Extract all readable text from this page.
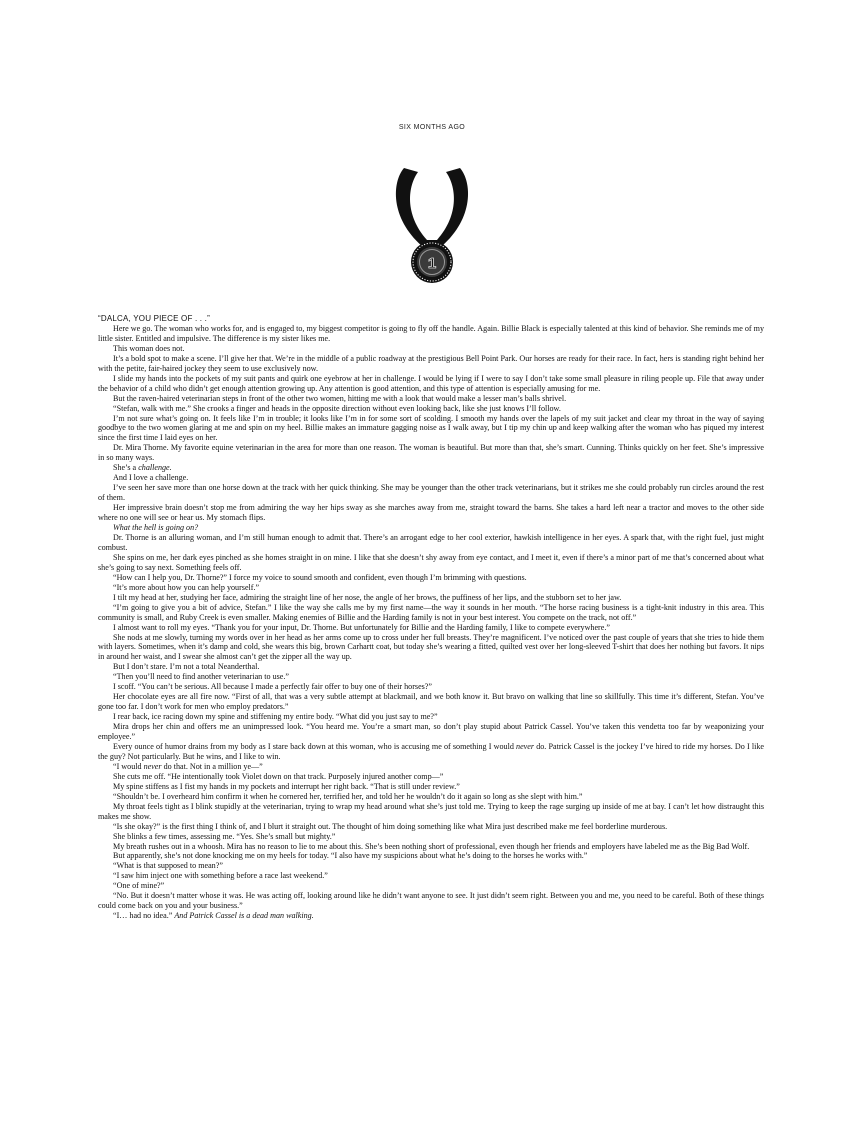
SIX MONTHS AGO
1

“DALCA, YOU PIECE OF . . .”

Here we go. The woman who works for, and is engaged to, my biggest competitor is going to fly off the handle. Again. Billie Black is especially talented at this kind of behavior. She reminds me of my little sister. Entitled and impulsive. The difference is my sister likes me.

This woman does not.

It’s a bold spot to make a scene. I’ll give her that. We’re in the middle of a public roadway at the prestigious Bell Point Park. Our horses are ready for their race. In fact, hers is standing right behind her with the petite, fair-haired jockey they seem to use exclusively now.

I slide my hands into the pockets of my suit pants and quirk one eyebrow at her in challenge. I would be lying if I were to say I don’t take some small pleasure in riling people up. File that away under the behavior of a child who didn’t get enough attention growing up. Any attention is good attention, and this type of attention is especially amusing for me.

But the raven-haired veterinarian steps in front of the other two women, hitting me with a look that would make a lesser man’s balls shrivel.

“Stefan, walk with me.” She crooks a finger and heads in the opposite direction without even looking back, like she just knows I’ll follow.

I’m not sure what’s going on. It feels like I’m in trouble; it looks like I’m in for some sort of scolding. I smooth my hands over the lapels of my suit jacket and clear my throat in the way of saying goodbye to the two women glaring at me and spin on my heel. Billie makes an immature gagging noise as I walk away, but I tip my chin up and keep walking after the woman who has piqued my interest since the first time I laid eyes on her.

Dr. Mira Thorne. My favorite equine veterinarian in the area for more than one reason. The woman is beautiful. But more than that, she’s smart. Cunning. Thinks quickly on her feet. She’s impressive in so many ways.

She’s a challenge.

And I love a challenge.

I’ve seen her save more than one horse down at the track with her quick thinking. She may be younger than the other track veterinarians, but it strikes me she could probably run circles around the rest of them.

Her impressive brain doesn’t stop me from admiring the way her hips sway as she marches away from me, straight toward the barns. She takes a hard left near a tractor and moves to the other side where no one will see or hear us. My stomach flips.

What the hell is going on?

Dr. Thorne is an alluring woman, and I’m still human enough to admit that. There’s an arrogant edge to her cool exterior, hawkish intelligence in her eyes. A spark that, with the right fuel, just might combust.

She spins on me, her dark eyes pinched as she homes straight in on mine. I like that she doesn’t shy away from eye contact, and I meet it, even if there’s a minor part of me that’s concerned about what she’s going to say next. Something feels off.

“How can I help you, Dr. Thorne?” I force my voice to sound smooth and confident, even though I’m brimming with questions.

“It’s more about how you can help yourself.”

I tilt my head at her, studying her face, admiring the straight line of her nose, the angle of her brows, the puffiness of her lips, and the stubborn set to her jaw.

“I’m going to give you a bit of advice, Stefan.” I like the way she calls me by my first name—the way it sounds in her mouth. “The horse racing business is a tight-knit industry in this area. This community is small, and Ruby Creek is even smaller. Making enemies of Billie and the Harding family is not in your best interest. You compete on the track, not off.”

I almost want to roll my eyes. “Thank you for your input, Dr. Thorne. But unfortunately for Billie and the Harding family, I like to compete everywhere.”

She nods at me slowly, turning my words over in her head as her arms come up to cross under her full breasts. They’re magnificent. I’ve noticed over the past couple of years that she tries to hide them with layers. Sometimes, when it’s damp and cold, she wears this big, brown Carhartt coat, but today she’s wearing a fitted, quilted vest over her long-sleeved T-shirt that does her nothing but favors. It nips in around her waist, and I swear she almost can’t get the zipper all the way up.

But I don’t stare. I’m not a total Neanderthal.

“Then you’ll need to find another veterinarian to use.”

I scoff. “You can’t be serious. All because I made a perfectly fair offer to buy one of their horses?”

Her chocolate eyes are all fire now. “First of all, that was a very subtle attempt at blackmail, and we both know it. But bravo on walking that line so skillfully. This time it’s different, Stefan. You’ve gone too far. I don’t work for men who employ predators.”

I rear back, ice racing down my spine and stiffening my entire body. “What did you just say to me?”

Mira drops her chin and offers me an unimpressed look. “You heard me. You’re a smart man, so don’t play stupid about Patrick Cassel. You’ve taken this vendetta too far by weaponizing your employee.”

Every ounce of humor drains from my body as I stare back down at this woman, who is accusing me of something I would never do. Patrick Cassel is the jockey I’ve hired to ride my horses. Do I like the guy? Not particularly. But he wins, and I like to win.

“I would never do that. Not in a million ye—”

She cuts me off. “He intentionally took Violet down on that track. Purposely injured another comp—”

My spine stiffens as I fist my hands in my pockets and interrupt her right back. “That is still under review.”

“Shouldn’t be. I overheard him confirm it when he cornered her, terrified her, and told her he wouldn’t do it again so long as she slept with him.”

My throat feels tight as I blink stupidly at the veterinarian, trying to wrap my head around what she’s just told me. Trying to keep the rage surging up inside of me at bay. I can’t let how distraught this makes me show.

“Is she okay?” is the first thing I think of, and I blurt it straight out. The thought of him doing something like what Mira just described make me feel borderline murderous.

She blinks a few times, assessing me. “Yes. She’s small but mighty.”

My breath rushes out in a whoosh. Mira has no reason to lie to me about this. She’s been nothing short of professional, even though her friends and employers have labeled me as the Big Bad Wolf.

But apparently, she’s not done knocking me on my heels for today. “I also have my suspicions about what he’s doing to the horses he works with.”

“What is that supposed to mean?”

“I saw him inject one with something before a race last weekend.”

“One of mine?”

“No. But it doesn’t matter whose it was. He was acting off, looking around like he didn’t want anyone to see. It just didn’t seem right. Between you and me, you need to be careful. Both of these things could come back on you and your business.”

“I… had no idea.” And Patrick Cassel is a dead man walking.
